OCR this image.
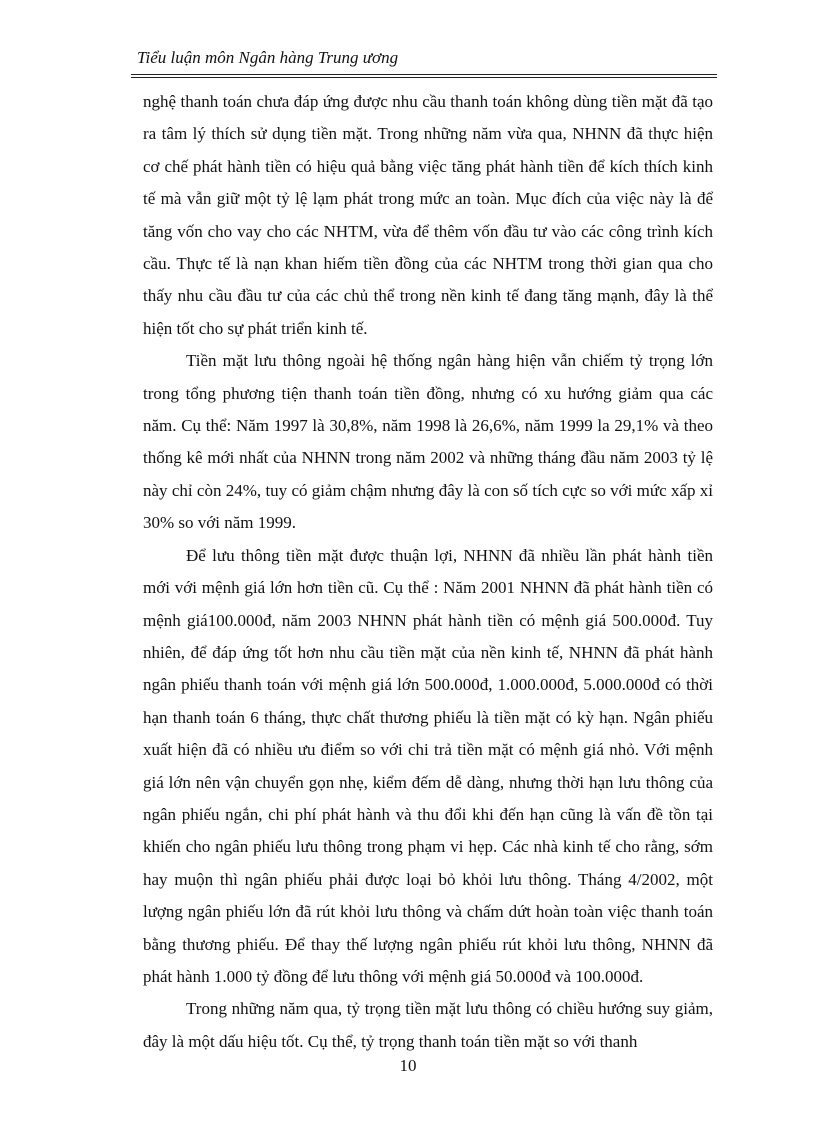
Tiểu luận môn Ngân hàng Trung ương

nghệ thanh toán chưa đáp ứng được nhu cầu thanh toán không dùng tiền mặt đã tạo ra tâm lý thích sử dụng tiền mặt. Trong những năm vừa qua, NHNN đã thực hiện cơ chế phát hành tiền có hiệu quả bằng việc tăng phát hành tiền để kích thích kinh tế mà vẫn giữ một tỷ lệ lạm phát trong mức an toàn. Mục đích của việc này là để tăng vốn cho vay cho các NHTM, vừa để thêm vốn đầu tư vào các công trình kích cầu. Thực tế là nạn khan hiếm tiền đồng của các NHTM trong thời gian qua cho thấy nhu cầu đầu tư của các chủ thể trong nền kinh tế đang tăng mạnh, đây là thể hiện tốt cho sự phát triển kinh tế.

Tiền mặt lưu thông ngoài hệ thống ngân hàng hiện vẫn chiếm tỷ trọng lớn trong tổng phương tiện thanh toán tiền đồng, nhưng có xu hướng giảm qua các năm. Cụ thể: Năm 1997 là 30,8%, năm 1998 là 26,6%, năm 1999 la 29,1% và theo thống kê mới nhất của NHNN trong năm 2002 và những tháng đầu năm 2003 tỷ lệ này chỉ còn 24%, tuy có giảm chậm nhưng đây là con số tích cực so với mức xấp xỉ 30% so với năm 1999.

Để lưu thông tiền mặt được thuận lợi, NHNN đã nhiều lần phát hành tiền mới với mệnh giá lớn hơn tiền cũ. Cụ thể : Năm 2001 NHNN đã phát hành tiền có mệnh giá100.000đ, năm 2003 NHNN phát hành tiền có mệnh giá 500.000đ. Tuy nhiên, để đáp ứng tốt hơn nhu cầu tiền mặt của nền kinh tế, NHNN đã phát hành ngân phiếu thanh toán với mệnh giá lớn 500.000đ, 1.000.000đ, 5.000.000đ có thời hạn thanh toán 6 tháng, thực chất thương phiếu là tiền mặt có kỳ hạn. Ngân phiếu xuất hiện đã có nhiều ưu điểm so với chi trả tiền mặt có mệnh giá nhỏ. Với mệnh giá lớn nên vận chuyển gọn nhẹ, kiểm đếm dễ dàng, nhưng thời hạn lưu thông của ngân phiếu ngắn, chi phí phát hành và thu đổi khi đến hạn cũng là vấn đề tồn tại khiến cho ngân phiếu lưu thông trong phạm vi hẹp. Các nhà kinh tế cho rằng, sớm hay muộn thì ngân phiếu phải được loại bỏ khỏi lưu thông. Tháng 4/2002, một lượng ngân phiếu lớn đã rút khỏi lưu thông và chấm dứt hoàn toàn việc thanh toán bằng thương phiếu. Để thay thế lượng ngân phiếu rút khỏi lưu thông, NHNN đã phát hành 1.000 tỷ đồng để lưu thông với mệnh giá 50.000đ và 100.000đ.

Trong những năm qua, tỷ trọng tiền mặt lưu thông có chiều hướng suy giảm, đây là một dấu hiệu tốt. Cụ thể, tỷ trọng thanh toán tiền mặt so với thanh

10
